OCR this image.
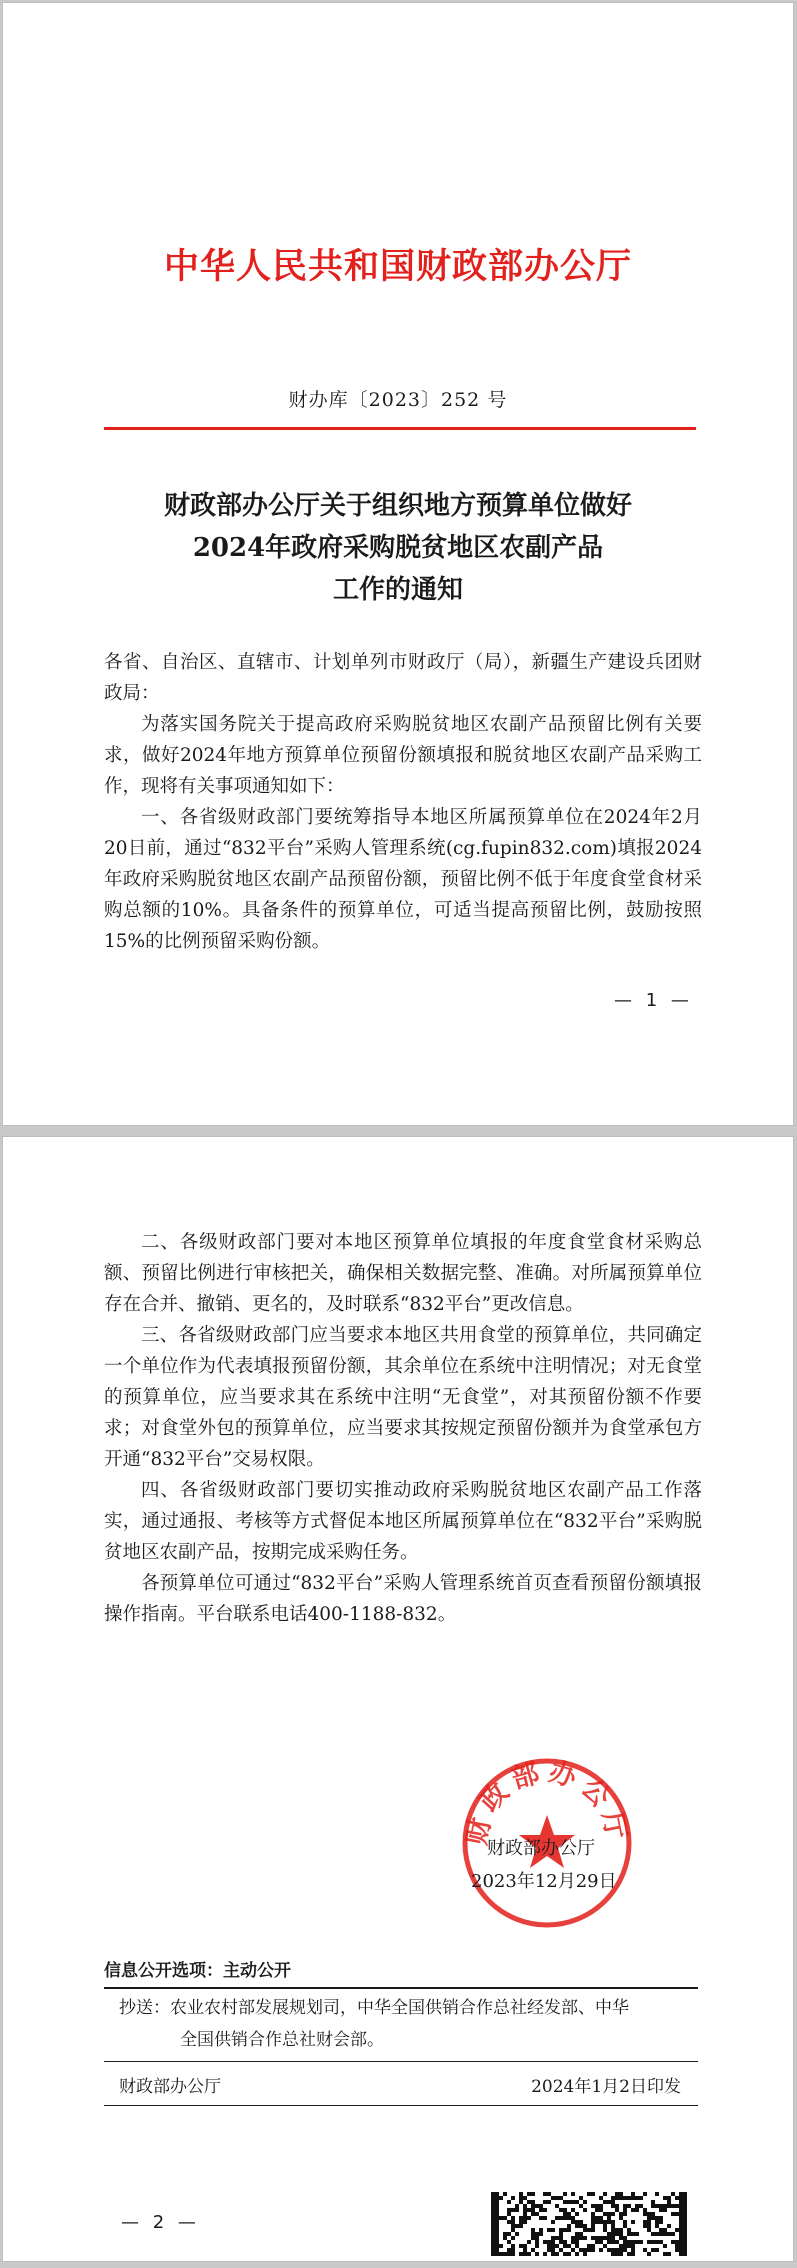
中华人民共和国财政部办公厅
财办库〔2023〕252 号
财政部办公厅关于组织地方预算单位做好
2024年政府采购脱贫地区农副产品
工作的通知

各省、自治区、直辖市、计划单列市财政厅（局），新疆生产建设兵团财政局：

为落实国务院关于提高政府采购脱贫地区农副产品预留比例有关要求，做好2024年地方预算单位预留份额填报和脱贫地区农副产品采购工作，现将有关事项通知如下：

一、各省级财政部门要统筹指导本地区所属预算单位在2024年2月20日前，通过“832平台”采购人管理系统(cg.fupin832.com)填报2024年政府采购脱贫地区农副产品预留份额，预留比例不低于年度食堂食材采购总额的10%。具备条件的预算单位，可适当提高预留比例，鼓励按照15%的比例预留采购份额。

— 1 —

二、各级财政部门要对本地区预算单位填报的年度食堂食材采购总额、预留比例进行审核把关，确保相关数据完整、准确。对所属预算单位存在合并、撤销、更名的，及时联系“832平台”更改信息。

三、各省级财政部门应当要求本地区共用食堂的预算单位，共同确定一个单位作为代表填报预留份额，其余单位在系统中注明情况；对无食堂的预算单位，应当要求其在系统中注明“无食堂”，对其预留份额不作要求；对食堂外包的预算单位，应当要求其按规定预留份额并为食堂承包方开通“832平台”交易权限。

四、各省级财政部门要切实推动政府采购脱贫地区农副产品工作落实，通过通报、考核等方式督促本地区所属预算单位在“832平台”采购脱贫地区农副产品，按期完成采购任务。

各预算单位可通过“832平台”采购人管理系统首页查看预留份额填报操作指南。平台联系电话400-1188-832。

财政部办公厅
财政部办公厅
2023年12月29日
信息公开选项：主动公开
抄送：农业农村部发展规划司，中华全国供销合作总社经发部、中华
全国供销合作总社财会部。
财政部办公厅	2024年1月2日印发
— 2 —
